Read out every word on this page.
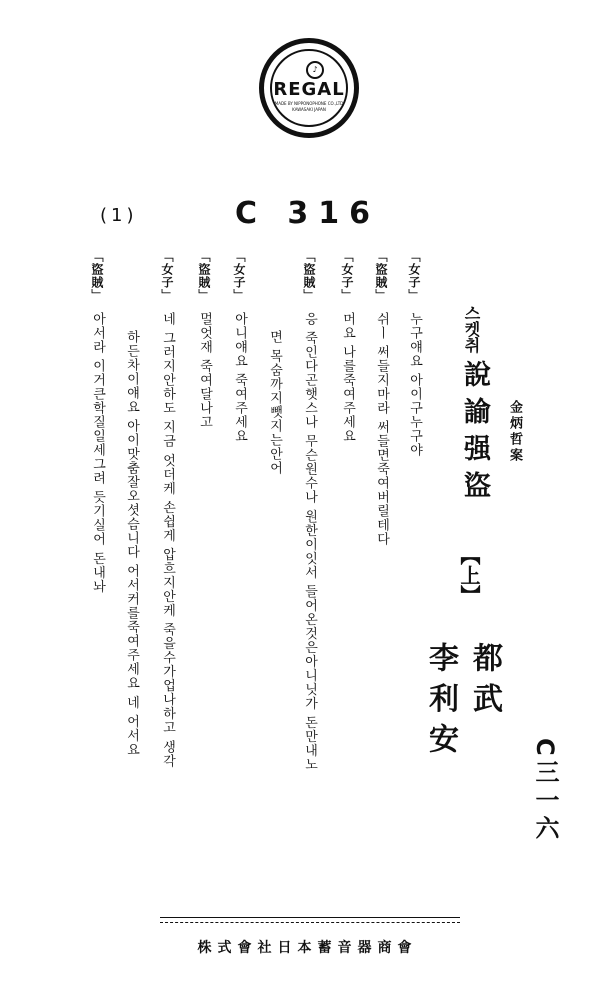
♪
REGAL
MADE BY NIPPONOPHONE CO.,LTD
KAWASAKI JAPAN
(1)	C 316
金炳哲案
스켓취
說諭强盜
【上】
都 武
李 利 安
C三一六
「女子」누구얘요 아이구누구야
「盜賊」쉬ㅣ 써들지마라 써들면죽여버릴테다
「女子」머요 나를죽여주세요
「盜賊」응 죽인다곤햇스나 무슨원수나 원한이잇서 들어온것은아니닛가 돈만내노
면 목숨까지뺏지는안어
「女子」아니얘요 죽여주세요
「盜賊」멀엇재 죽여달나고
「女子」네 그러지안하도 지금 엇더케 손쉽게 압흐지안케 죽을수가업나하고 생각
하든차이얘요 아이맛춤잘오셧슴니다 어서커를죽여주세요 네 어서요
「盜賊」아서라 이거큰학질일세그려 듯기실어 돈내놔
株式會社日本蓄音器商會
